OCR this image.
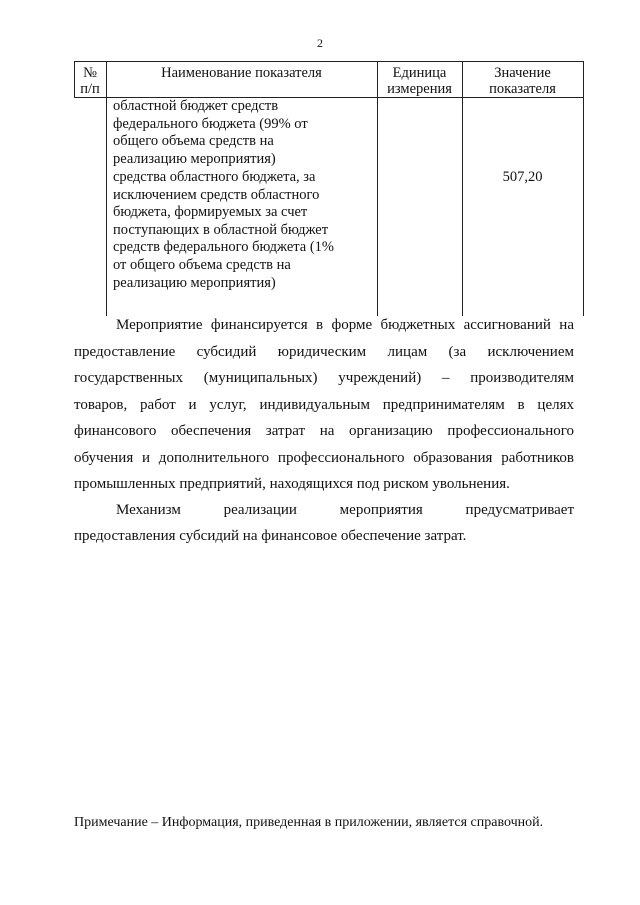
2
№
п/п
Наименование показателя	Единица
измерения
Значение
показателя
областной бюджет средств
федерального бюджета (99% от
общего объема средств на
реализацию мероприятия)
средства областного бюджета, за
исключением средств областного
бюджета, формируемых за счет
поступающих в областной бюджет
средств федерального бюджета (1%
от общего объема средств на
реализацию мероприятия)
507,20
Мероприятие финансируется в форме бюджетных ассигнований на
предоставление субсидий юридическим лицам (за исключением
государственных (муниципальных) учреждений) – производителям
товаров, работ и услуг, индивидуальным предпринимателям в целях
финансового обеспечения затрат на организацию профессионального
обучения и дополнительного профессионального образования работников
промышленных предприятий, находящихся под риском увольнения.
Механизм реализации мероприятия предусматривает
предоставления субсидий на финансовое обеспечение затрат.
Примечание – Информация, приведенная в приложении, является справочной.
